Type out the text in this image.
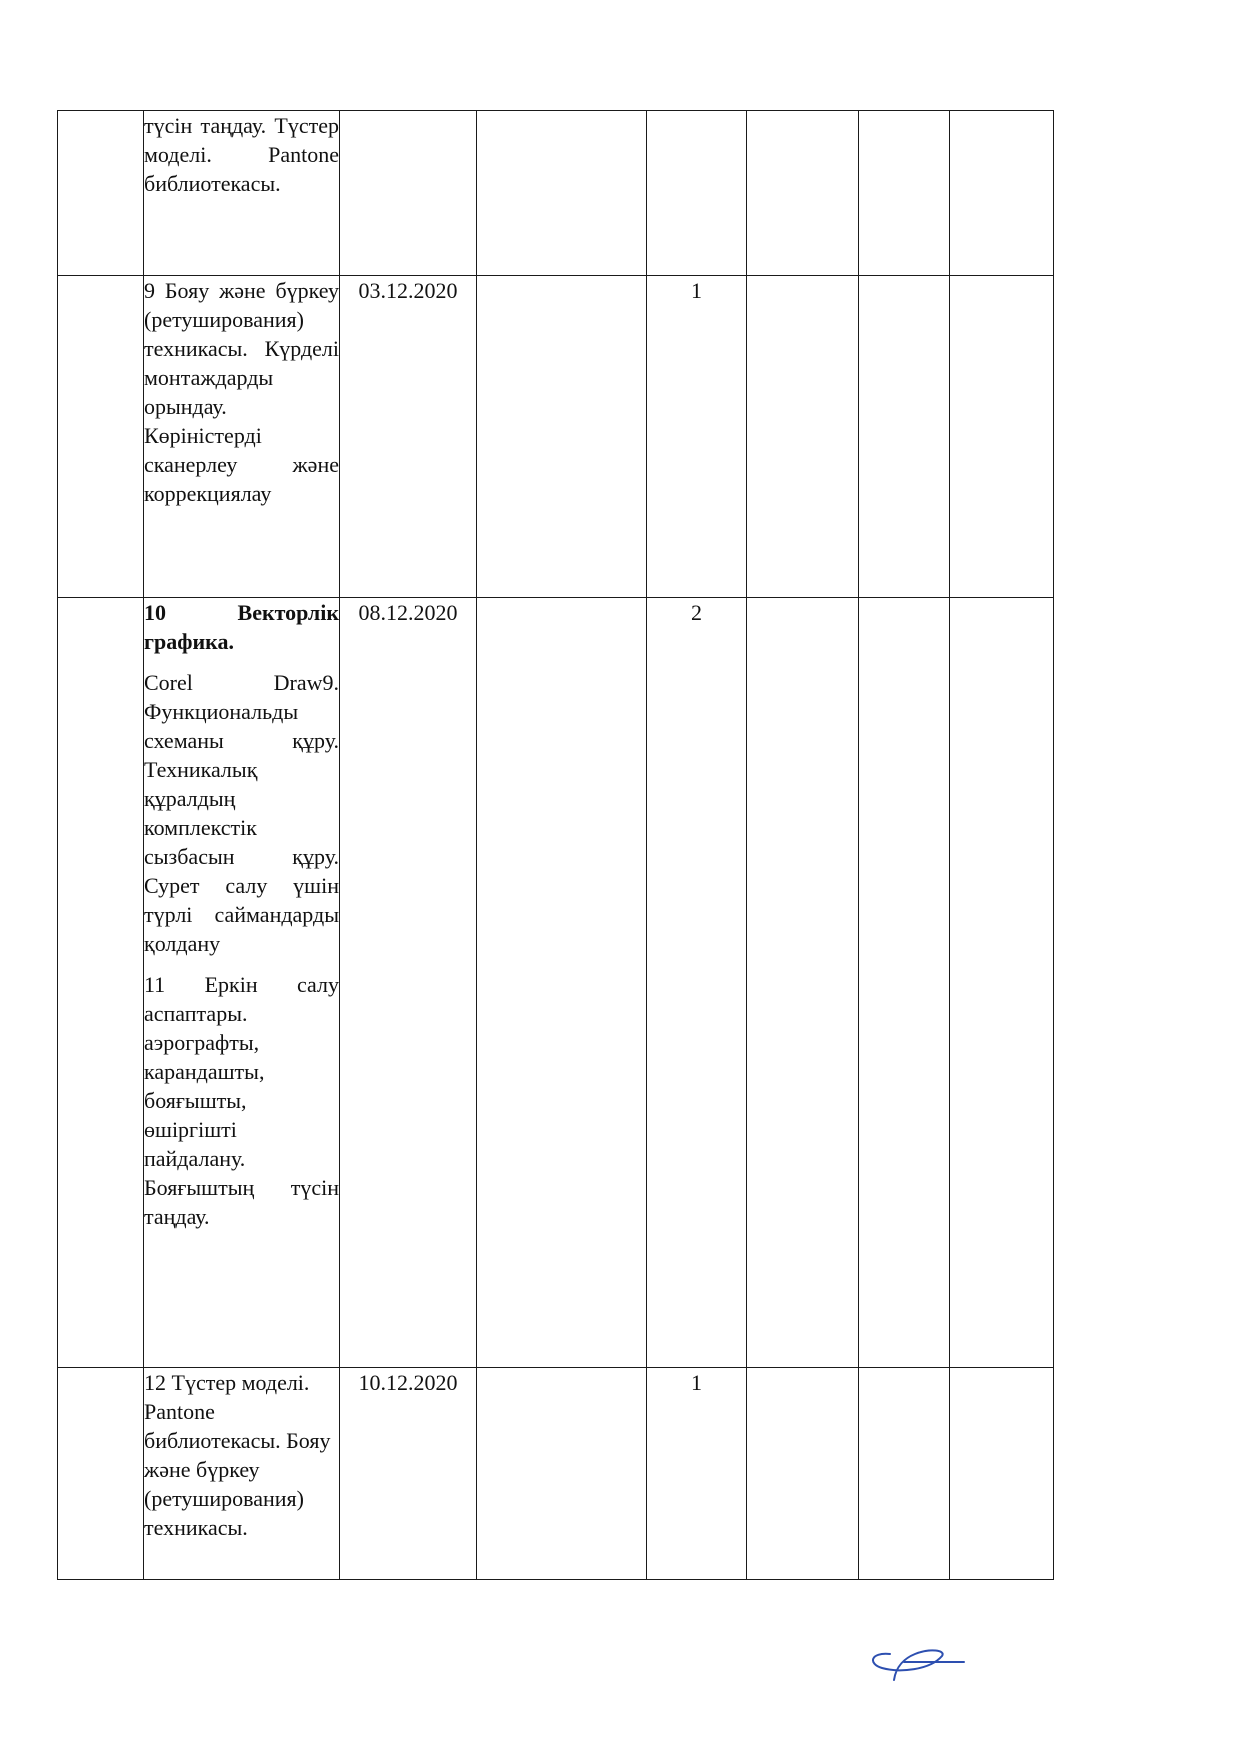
	түсін таңдау. Түстер моделі. Pantone библиотекасы.						

	9 Бояу және бүркеу (ретуширования) техникасы. Күрделі монтаждарды орындау. Көріністерді сканерлеу және коррекциялау	03.12.2020		1			

	10 Векторлік графика.

Corel Draw9. Функциональды схеманы құру. Техникалық құралдың комплекстік сызбасын құру. Сурет салу үшін түрлі саймандарды қолдану

11 Еркін салу аспаптары. аэрографты, карандашты, бояғышты, өшіргішті пайдалану. Бояғыштың түсін таңдау.	08.12.2020		2			

	12 Түстер моделі. Pantone библиотекасы. Бояу және бүркеу (ретуширования) техникасы.	10.12.2020		1			
